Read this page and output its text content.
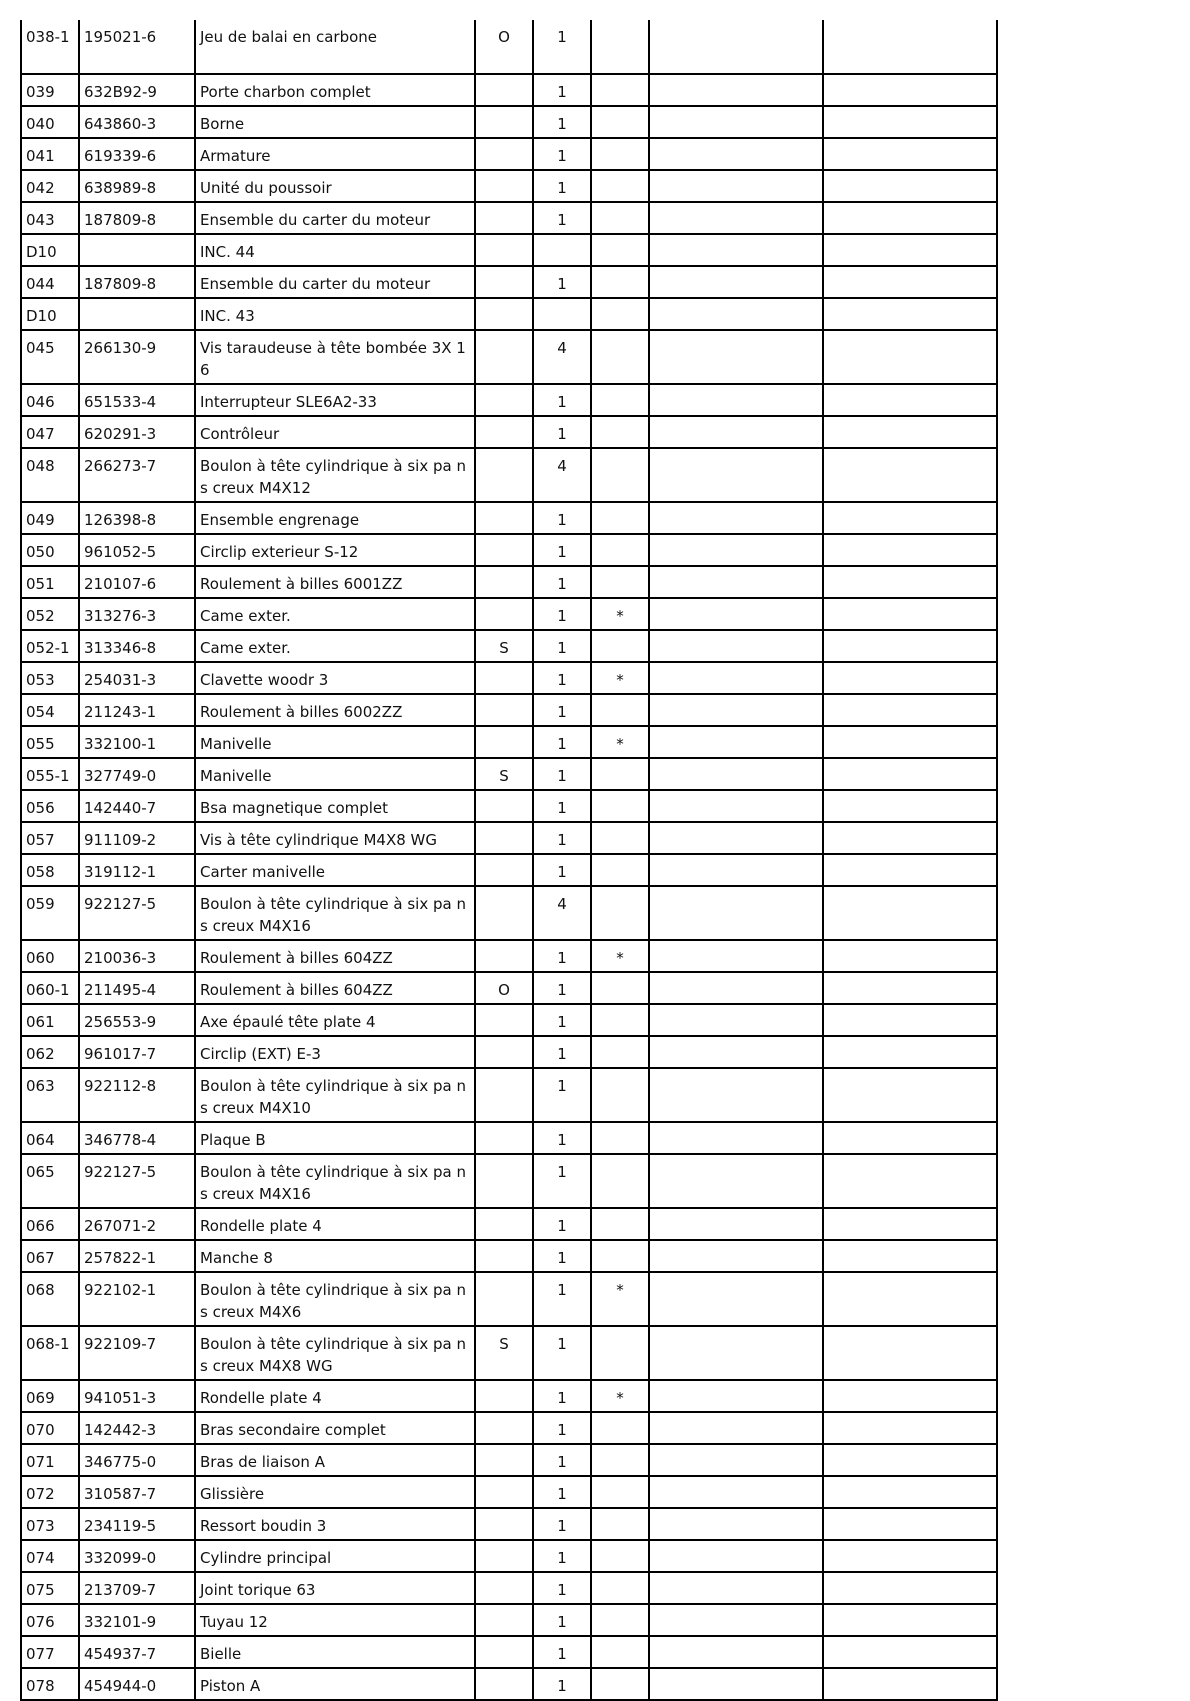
038-1	195021-6	Jeu de balai en carbone	O	1			
039	632B92-9	Porte charbon complet		1			
040	643860-3	Borne		1			
041	619339-6	Armature		1			
042	638989-8	Unité du poussoir		1			
043	187809-8	Ensemble du carter du moteur		1			
D10		INC. 44					
044	187809-8	Ensemble du carter du moteur		1			
D10		INC. 43					
045	266130-9	Vis taraudeuse à tête bombée 3X 16		4			
046	651533-4	Interrupteur SLE6A2-33		1			
047	620291-3	Contrôleur		1			
048	266273-7	Boulon à tête cylindrique à six pa ns creux M4X12		4			
049	126398-8	Ensemble engrenage		1			
050	961052-5	Circlip exterieur S-12		1			
051	210107-6	Roulement à billes 6001ZZ		1			
052	313276-3	Came exter.		1	*		
052-1	313346-8	Came exter.	S	1			
053	254031-3	Clavette woodr 3		1	*		
054	211243-1	Roulement à billes 6002ZZ		1			
055	332100-1	Manivelle		1	*		
055-1	327749-0	Manivelle	S	1			
056	142440-7	Bsa magnetique complet		1			
057	911109-2	Vis à tête cylindrique M4X8 WG		1			
058	319112-1	Carter manivelle		1			
059	922127-5	Boulon à tête cylindrique à six pa ns creux M4X16		4			
060	210036-3	Roulement à billes 604ZZ		1	*		
060-1	211495-4	Roulement à billes 604ZZ	O	1			
061	256553-9	Axe épaulé tête plate 4		1			
062	961017-7	Circlip (EXT) E-3		1			
063	922112-8	Boulon à tête cylindrique à six pa ns creux M4X10		1			
064	346778-4	Plaque B		1			
065	922127-5	Boulon à tête cylindrique à six pa ns creux M4X16		1			
066	267071-2	Rondelle plate 4		1			
067	257822-1	Manche 8		1			
068	922102-1	Boulon à tête cylindrique à six pa ns creux M4X6		1	*		
068-1	922109-7	Boulon à tête cylindrique à six pa ns creux M4X8 WG	S	1			
069	941051-3	Rondelle plate 4		1	*		
070	142442-3	Bras secondaire complet		1			
071	346775-0	Bras de liaison A		1			
072	310587-7	Glissière		1			
073	234119-5	Ressort boudin 3		1			
074	332099-0	Cylindre principal		1			
075	213709-7	Joint torique 63		1			
076	332101-9	Tuyau 12		1			
077	454937-7	Bielle		1			
078	454944-0	Piston A		1			
